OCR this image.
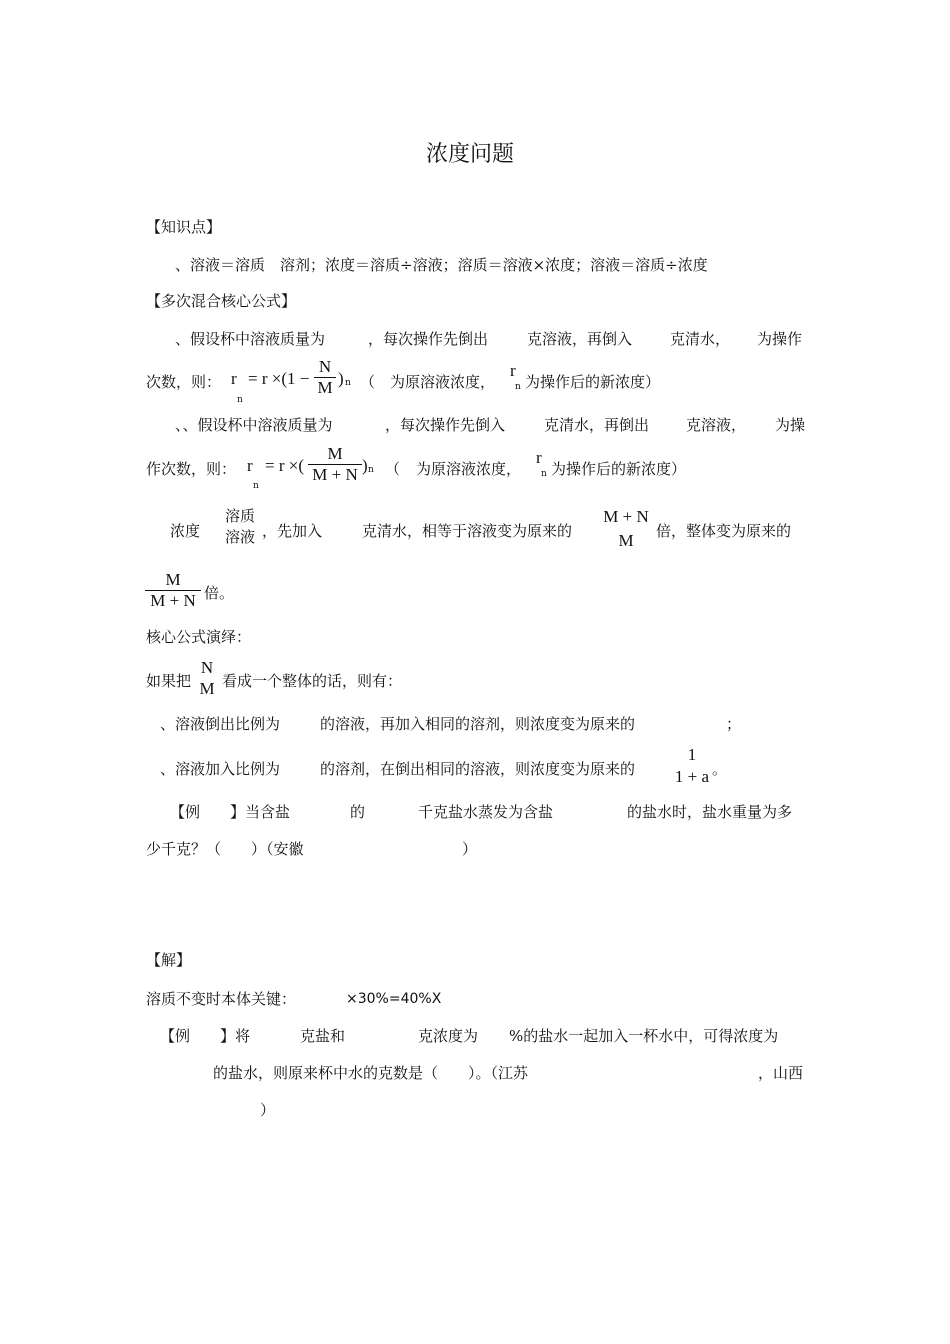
浓度问题
【知识点】
、溶液＝溶质　溶剂；浓度＝溶质÷溶液；溶质＝溶液×浓度；溶液＝溶质÷浓度
【多次混合核心公式】
、假设杯中溶液质量为	，每次操作先倒出	克溶液，再倒入	克清水， 为操作
次数，则： r
n
= $r \times(1 - \frac{N}{M}$ ) n （ 为原溶液浓度，
r
n 为操作后的新浓度）
、、假设杯中溶液质量为	，每次操作先倒入	克清水，再倒出 克溶液， 为操
作次数，则： r
n
= r ×( $\frac{M}{M + N}$ ) n （ 为原溶液浓度，
r
n 为操作后的新浓度）
浓度
溶质
溶液 ，先加入	克清水，相等于溶液变为原来的
M + N
M	倍，整体变为原来的
$\frac{M}{M + N}$ 倍。
核心公式演绎：
如果把
N
M 看成一个整体的话，则有：
、溶液倒出比例为	的溶液，再加入相同的溶剂，则浓度变为原来的	；
、溶液加入比例为	的溶剂，在倒出相同的溶液，则浓度变为原来的
1
1 + a 。
【例 】当含盐	的	千克盐水蒸发为含盐	的盐水时，盐水重量为多
少千克？（　　）（安徽	）
【解】
溶质不变时本体关键：	×30%=40%X
【例 】将	克盐和	克浓度为 %的盐水一起加入一杯水中，可得浓度为
的盐水，则原来杯中水的克数是（　　）。（江苏	，山西
）
